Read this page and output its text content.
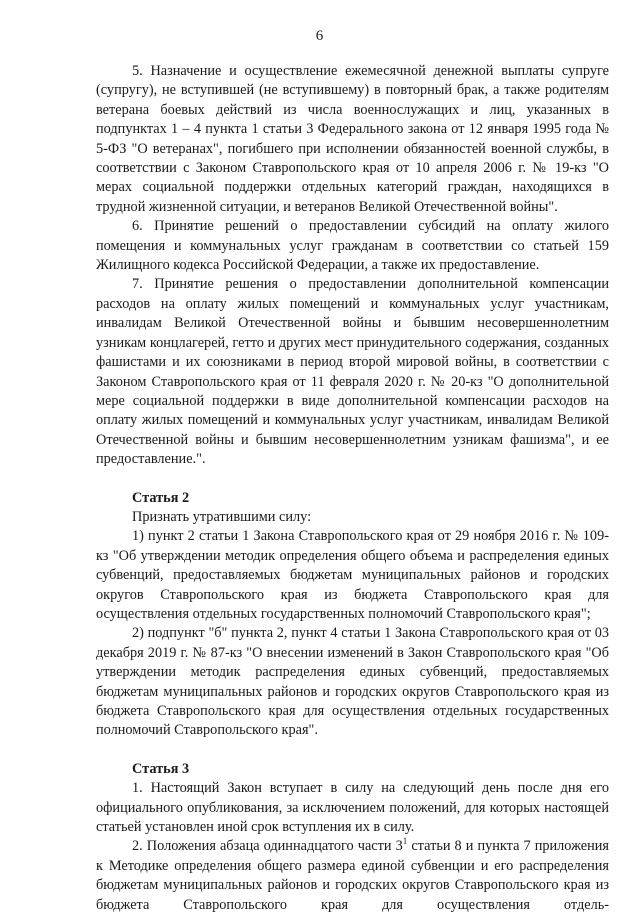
6

5. Назначение и осуществление ежемесячной денежной выплаты супруге (супругу), не вступившей (не вступившему) в повторный брак, а также родителям ветерана боевых действий из числа военнослужащих и лиц, указанных в подпунктах 1 – 4 пункта 1 статьи 3 Федерального закона от 12 января 1995 года № 5-ФЗ "О ветеранах", погибшего при исполнении обязанностей военной службы, в соответствии с Законом Ставропольского края от 10 апреля 2006 г. № 19-кз "О мерах социальной поддержки отдельных категорий граждан, находящихся в трудной жизненной ситуации, и ветеранов Великой Отечественной войны".

6. Принятие решений о предоставлении субсидий на оплату жилого помещения и коммунальных услуг гражданам в соответствии со статьей 159 Жилищного кодекса Российской Федерации, а также их предоставление.

7. Принятие решения о предоставлении дополнительной компенсации расходов на оплату жилых помещений и коммунальных услуг участникам, инвалидам Великой Отечественной войны и бывшим несовершеннолетним узникам концлагерей, гетто и других мест принудительного содержания, созданных фашистами и их союзниками в период второй мировой войны, в соответствии с Законом Ставропольского края от 11 февраля 2020 г. № 20-кз "О дополнительной мере социальной поддержки в виде дополнительной компенсации расходов на оплату жилых помещений и коммунальных услуг участникам, инвалидам Великой Отечественной войны и бывшим несовершеннолетним узникам фашизма", и ее предоставление.".

Статья 2

Признать утратившими силу:

1) пункт 2 статьи 1 Закона Ставропольского края от 29 ноября 2016 г. № 109-кз "Об утверждении методик определения общего объема и распределения единых субвенций, предоставляемых бюджетам муниципальных районов и городских округов Ставропольского края из бюджета Ставропольского края для осуществления отдельных государственных полномочий Ставропольского края";

2) подпункт "б" пункта 2, пункт 4 статьи 1 Закона Ставропольского края от 03 декабря 2019 г. № 87-кз "О внесении изменений в Закон Ставропольского края "Об утверждении методик распределения единых субвенций, предоставляемых бюджетам муниципальных районов и городских округов Ставропольского края из бюджета Ставропольского края для осуществления отдельных государственных полномочий Ставропольского края".

Статья 3

1. Настоящий Закон вступает в силу на следующий день после дня его официального опубликования, за исключением положений, для которых настоящей статьей установлен иной срок вступления их в силу.

2. Положения абзаца одиннадцатого части $3^1$ статьи 8 и пункта 7 приложения к Методике определения общего размера единой субвенции и его распределения бюджетам муниципальных районов и городских округов Ставропольского края из бюджета Ставропольского края для осуществления отдель-
